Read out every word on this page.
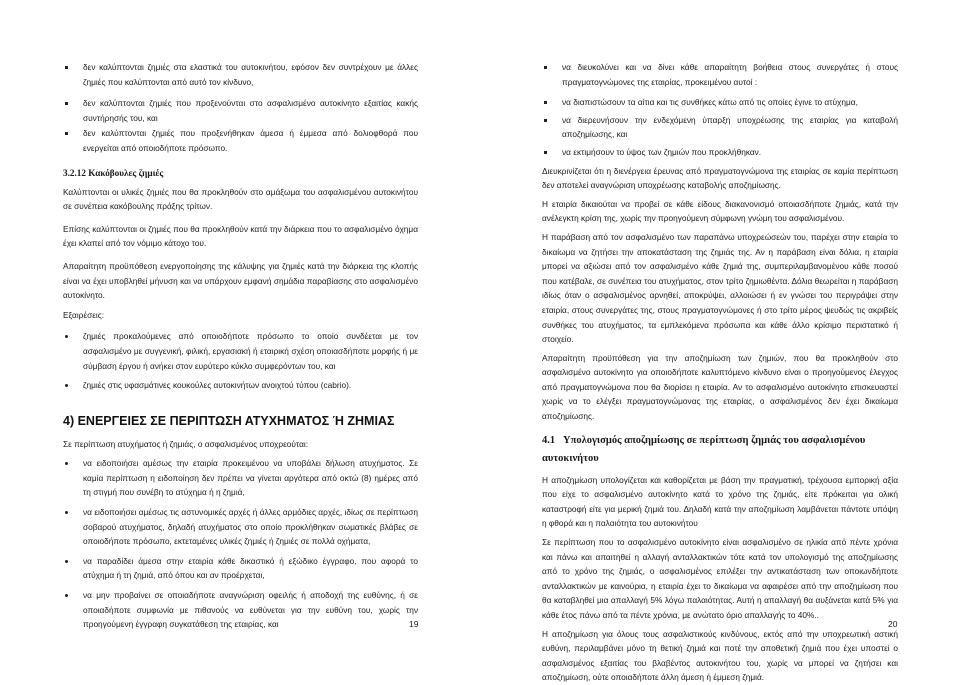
δεν καλύπτονται ζημιές στα ελαστικά του αυτοκινήτου, εφόσον δεν συντρέχουν με άλλες ζημιές που καλύπτονται από αυτό τον κίνδυνο,

δεν καλύπτονται ζημιές που προξενούνται στο ασφαλισμένο αυτοκίνητο εξαιτίας κακής συντήρησής του, και

δεν καλύπτονται ζημιές που προξενήθηκαν άμεσα ή έμμεσα από δολιοφθορά που ενεργείται από οποιοδήποτε πρόσωπο.

3.2.12 Κακόβουλες ζημιές

Καλύπτονται οι υλικές ζημιές που θα προκληθούν στο αμάξωμα του ασφαλισμένου αυτοκινήτου σε συνέπεια κακόβουλης πράξης τρίτων.

Επίσης καλύπτονται οι ζημιές που θα προκληθούν κατά την διάρκεια που το ασφαλισμένο όχημα έχει κλαπεί από τον νόμιμο κάτοχο του.

Απαραίτητη προϋπόθεση ενεργοποίησης της κάλυψης για ζημιές κατά την διάρκεια της κλοπής είναι να έχει υποβληθεί μήνυση και να υπάρχουν εμφανή σημάδια παραβίασης στο ασφαλισμένο αυτοκίνητο.

Εξαιρέσεις:

ζημιές προκαλούμενες από οποιοδήποτε πρόσωπο το οποίο συνδέεται με τον ασφαλισμένο με συγγενική, φιλική, εργασιακή ή εταιρική σχέση οποιασδήποτε μορφής ή με σύμβαση έργου ή ανήκει στον ευρύτερο κύκλο συμφερόντων του, και

ζημιές στις υφασμάτινες κουκούλες αυτοκινήτων ανοιχτού τύπου (cabrio).

4) ΕΝΕΡΓΕΙΕΣ ΣΕ ΠΕΡΙΠΤΩΣΗ ΑΤΥΧΗΜΑΤΟΣ Ή ΖΗΜΙΑΣ

Σε περίπτωση ατυχήματος ή ζημιάς, ο ασφαλισμένος υποχρεούται:

να ειδοποιήσει αμέσως την εταιρία προκειμένου να υποβάλει δήλωση ατυχήματος. Σε καμία περίπτωση η ειδοποίηση δεν πρέπει να γίνεται αργότερα από οκτώ (8) ημέρες από τη στιγμή που συνέβη το ατύχημα ή η ζημιά,

να ειδοποιήσει αμέσως τις αστυνομικές αρχές ή άλλες αρμόδιες αρχές, ιδίως σε περίπτωση σοβαρού ατυχήματος, δηλαδή ατυχήματος στο οποίο προκλήθηκαν σωματικές βλάβες σε οποιοδήποτε πρόσωπο, εκτεταμένες υλικές ζημιές ή ζημιές σε πολλά οχήματα,

να παραδίδει άμεσα στην εταιρία κάθε δικαστικό ή εξώδικο έγγραφο, που αφορά το ατύχημα ή τη ζημιά, από όπου και αν προέρχεται,

να μην προβαίνει σε οποιαδήποτε αναγνώριση οφειλής ή αποδοχή της ευθύνης, ή σε οποιαδήποτε συμφωνία με πιθανούς να ευθύνεται για την ευθύνη του, χωρίς την προηγούμενη έγγραφη συγκατάθεση της εταιρίας, και	19

να διευκολύνει και να δίνει κάθε απαραίτητη βοήθεια στους συνεργάτες ή στους πραγματογνώμονες της εταιρίας, προκειμένου αυτοί :

να διαπιστώσουν τα αίτια και τις συνθήκες κάτω από τις οποίες έγινε το ατύχημα,

να διερευνήσουν την ενδεχόμενη ύπαρξη υποχρέωσης της εταιρίας για καταβολή αποζημίωσης, και

να εκτιμήσουν το ύψος των ζημιών που προκλήθηκαν.

Διευκρινίζεται ότι η διενέργεια έρευνας από πραγματογνώμονα της εταιρίας σε καμία περίπτωση δεν αποτελεί αναγνώριση υποχρέωσης καταβολής αποζημίωσης.

Η εταιρία δικαιούται να προβεί σε κάθε είδους διακανονισμό οποιασδήποτε ζημιάς, κατά την ανέλεγκτη κρίση της, χωρίς την προηγούμενη σύμφωνη γνώμη του ασφαλισμένου.

Η παράβαση από τον ασφαλισμένο των παραπάνω υποχρεώσεών του, παρέχει στην εταιρία το δικαίωμα να ζητήσει την αποκατάσταση της ζημιάς της. Αν η παράβαση είναι δόλια, η εταιρία μπορεί να αξιώσει από τον ασφαλισμένο κάθε ζημιά της, συμπεριλαμβανομένου κάθε ποσού που κατέβαλε, σε συνέπεια του ατυχήματος, στον τρίτο ζημιωθέντα. Δόλια θεωρείται η παράβαση ιδίως όταν ο ασφαλισμένος αρνηθεί, αποκρύψει, αλλοιώσει ή εν γνώσει του περιγράψει στην εταιρία, στους συνεργάτες της, στους πραγματογνώμονες ή στο τρίτο μέρος ψευδώς τις ακριβείς συνθήκες του ατυχήματος, τα εμπλεκόμενα πρόσωπα και κάθε άλλο κρίσιμο περιστατικό ή στοιχείο.

Απαραίτητη προϋπόθεση για την αποζημίωση των ζημιών, που θα προκληθούν στο ασφαλισμένο αυτοκίνητο για οποιοδήποτε καλυπτόμενο κίνδυνο είναι ο προηγούμενος έλεγχος από πραγματογνώμονα που θα διορίσει η εταιρία. Αν το ασφαλισμένο αυτοκίνητο επισκευαστεί χωρίς να το ελέγξει πραγματογνώμονας της εταιρίας, ο ασφαλισμένος δεν έχει δικαίωμα αποζημίωσης.

4.1 Υπολογισμός αποζημίωσης σε περίπτωση ζημιάς του ασφαλισμένου αυτοκινήτου

Η αποζημίωση υπολογίζεται και καθορίζεται με βάση την πραγματική, τρέχουσα εμπορική αξία που είχε το ασφαλισμένο αυτοκίνητο κατά το χρόνο της ζημιάς, είτε πρόκειται για ολική καταστροφή είτε για μερική ζημιά του. Δηλαδή κατά την αποζημίωση λαμβάνεται πάντοτε υπόψη η φθορά και η παλαιότητα του αυτοκινήτου

Σε περίπτωση που το ασφαλισμένο αυτοκίνητο είναι ασφαλισμένο σε ηλικία από πέντε χρόνια και πάνω και απαιτηθεί η αλλαγή ανταλλακτικών τότε κατά τον υπολογισμό της αποζημίωσης από το χρόνο της ζημιάς, ο ασφαλισμένος επιλέξει την αντικατάσταση των οποιωνδήποτε ανταλλακτικών με καινούρια, η εταιρία έχει το δικαίωμα να αφαιρέσει από την αποζημίωση που θα καταβληθεί μια απαλλαγή 5% λόγω παλαιότητας. Αυτή η απαλλαγή θα αυξάνεται κατά 5% για κάθε έτος πάνω από τα πέντε χρόνια, με ανώτατο όριο απαλλαγής το 40%..

Η αποζημίωση για όλους τους ασφαλιστικούς κινδύνους, εκτός από την υποχρεωτική αστική ευθύνη, περιλαμβάνει μόνο τη θετική ζημιά και ποτέ την αποθετική ζημιά που έχει υποστεί ο ασφαλισμένος εξαιτίας του βλαβέντος αυτοκινήτου του, χωρίς να μπορεί να ζητήσει και αποζημίωση, ούτε οποιαδήποτε άλλη άμεση ή έμμεση ζημιά.

20
